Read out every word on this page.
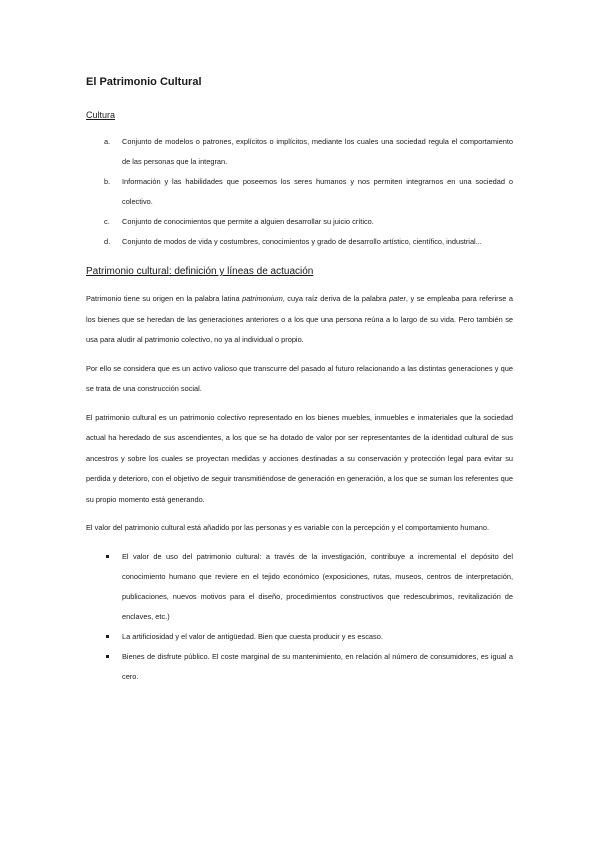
El Patrimonio Cultural
Cultura
a. Conjunto de modelos o patrones, explícitos o implícitos, mediante los cuales una sociedad regula el comportamiento de las personas que la integran.
b. Información y las habilidades que poseemos los seres humanos y nos permiten integrarnos en una sociedad o colectivo.
c. Conjunto de conocimientos que permite a alguien desarrollar su juicio crítico.
d. Conjunto de modos de vida y costumbres, conocimientos y grado de desarrollo artístico, científico, industrial...
Patrimonio cultural: definición y líneas de actuación

Patrimonio tiene su origen en la palabra latina patrimonium, cuya raíz deriva de la palabra pater, y se empleaba para referirse a los bienes que se heredan de las generaciones anteriores o a los que una persona reúna a lo largo de su vida. Pero también se usa para aludir al patrimonio colectivo, no ya al individual o propio.

Por ello se considera que es un activo valioso que transcurre del pasado al futuro relacionando a las distintas generaciones y que se trata de una construcción social.

El patrimonio cultural es un patrimonio colectivo representado en los bienes muebles, inmuebles e inmateriales que la sociedad actual ha heredado de sus ascendientes, a los que se ha dotado de valor por ser representantes de la identidad cultural de sus ancestros y sobre los cuales se proyectan medidas y acciones destinadas a su conservación y protección legal para evitar su perdida y deterioro, con el objetivo de seguir transmitiéndose de generación en generación, a los que se suman los referentes que su propio momento está generando.

El valor del patrimonio cultural está añadido por las personas y es variable con la percepción y el comportamiento humano.

El valor de uso del patrimonio cultural: a través de la investigación, contribuye a incremental el depósito del conocimiento humano que reviere en el tejido económico (exposiciones, rutas, museos, centros de interpretación, publicaciones, nuevos motivos para el diseño, procedimientos constructivos que redescubrimos, revitalización de enclaves, etc.)
La artificiosidad y el valor de antigüedad. Bien que cuesta producir y es escaso.
Bienes de disfrute público. El coste marginal de su mantenimiento, en relación al número de consumidores, es igual a cero.
